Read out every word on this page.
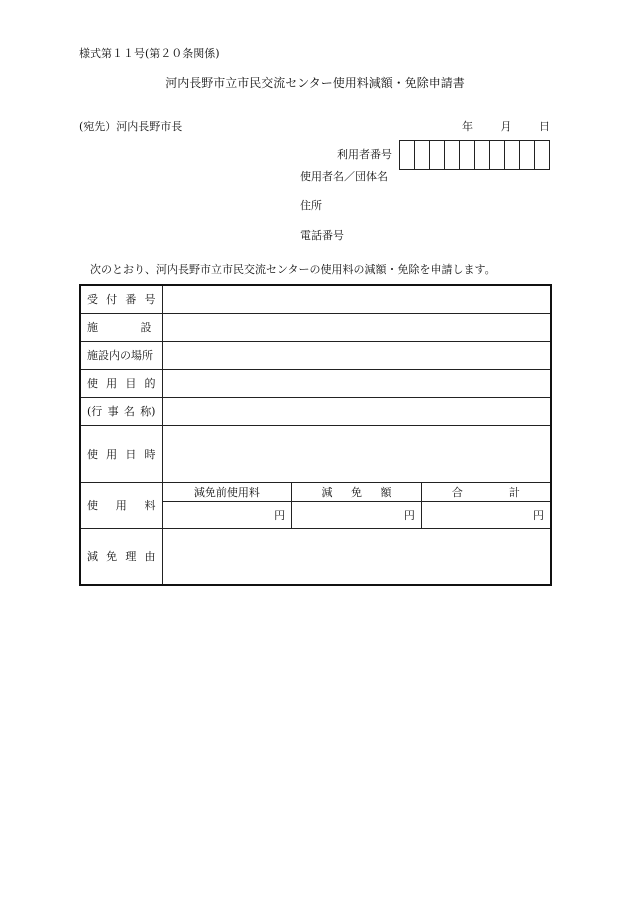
様式第１１号(第２０条関係)
河内長野市立市民交流センター使用料減額・免除申請書
(宛先）河内長野市長	年	月	日
利用者番号
使用者名／団体名
住所
電話番号
次のとおり、河内長野市立市民交流センターの使用料の減額・免除を申請します。
受 付 番 号			

施 設			

施設内の場所			

使 用 目 的			

(行 事 名 称)			

使 用 日 時			

使 用 料	減免前使用料	減 免 額	合 計

	円	円	円

減 免 理 由			
